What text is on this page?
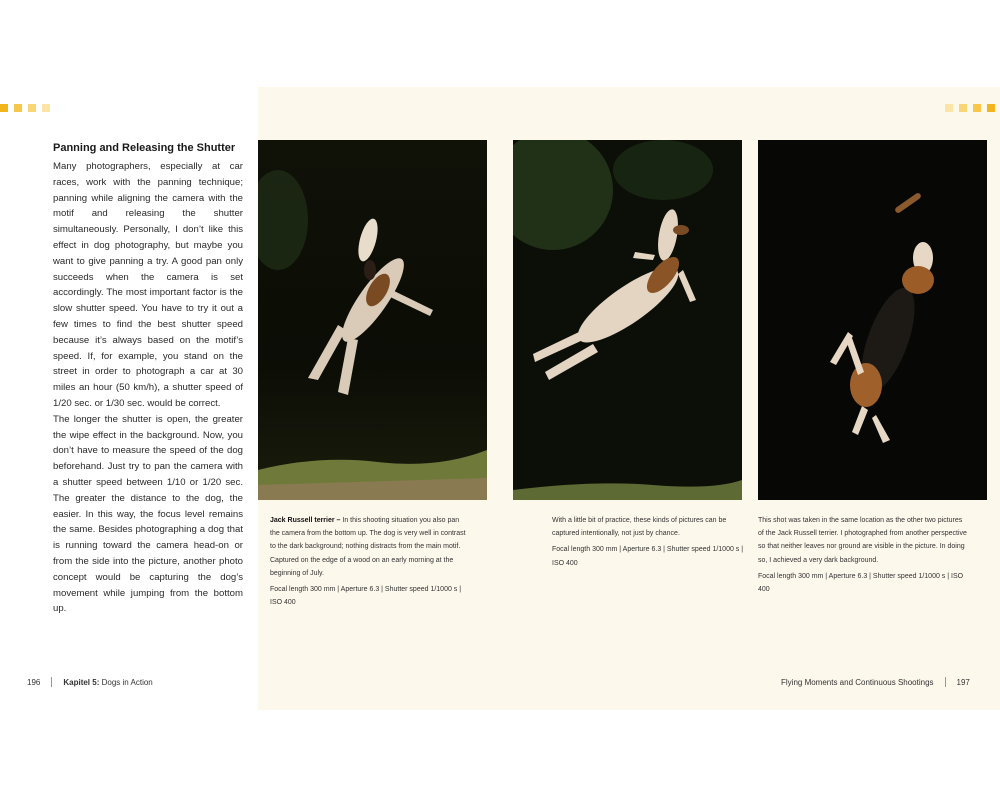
Panning and Releasing the Shutter

Many photographers, especially at car races, work with the panning technique; panning while aligning the camera with the motif and releasing the shutter simultaneously. Personally, I don’t like this effect in dog photography, but maybe you want to give panning a try. A good pan only succeeds when the camera is set accordingly. The most important factor is the slow shutter speed. You have to try it out a few times to find the best shutter speed because it’s always based on the motif’s speed. If, for example, you stand on the street in order to photograph a car at 30 miles an hour (50 km/h), a shutter speed of 1/20 sec. or 1/30 sec. would be correct.

The longer the shutter is open, the greater the wipe effect in the background. Now, you don’t have to measure the speed of the dog beforehand. Just try to pan the camera with a shutter speed between 1/10 or 1/20 sec. The greater the distance to the dog, the easier. In this way, the focus level remains the same. Besides photographing a dog that is running toward the camera head-on or from the side into the picture, another photo concept would be capturing the dog’s movement while jumping from the bottom up.

Jack Russell terrier – In this shooting situation you also pan the camera from the bottom up. The dog is very well in contrast to the dark background; nothing distracts from the main motif. Captured on the edge of a wood on an early morning at the beginning of July.

Focal length 300 mm | Aperture 6.3 | Shutter speed 1/1000 s | ISO 400

With a little bit of practice, these kinds of pictures can be captured intentionally, not just by chance.

Focal length 300 mm | Aperture 6.3 | Shutter speed 1/1000 s | ISO 400

This shot was taken in the same location as the other two pictures of the Jack Russell terrier. I photographed from another perspective so that neither leaves nor ground are visible in the picture. In doing so, I achieved a very dark background.

Focal length 300 mm | Aperture 6.3 | Shutter speed 1/1000 s | ISO 400

196	Kapitel 5:
Dogs in Action	Flying Moments and Continuous Shootings	197
